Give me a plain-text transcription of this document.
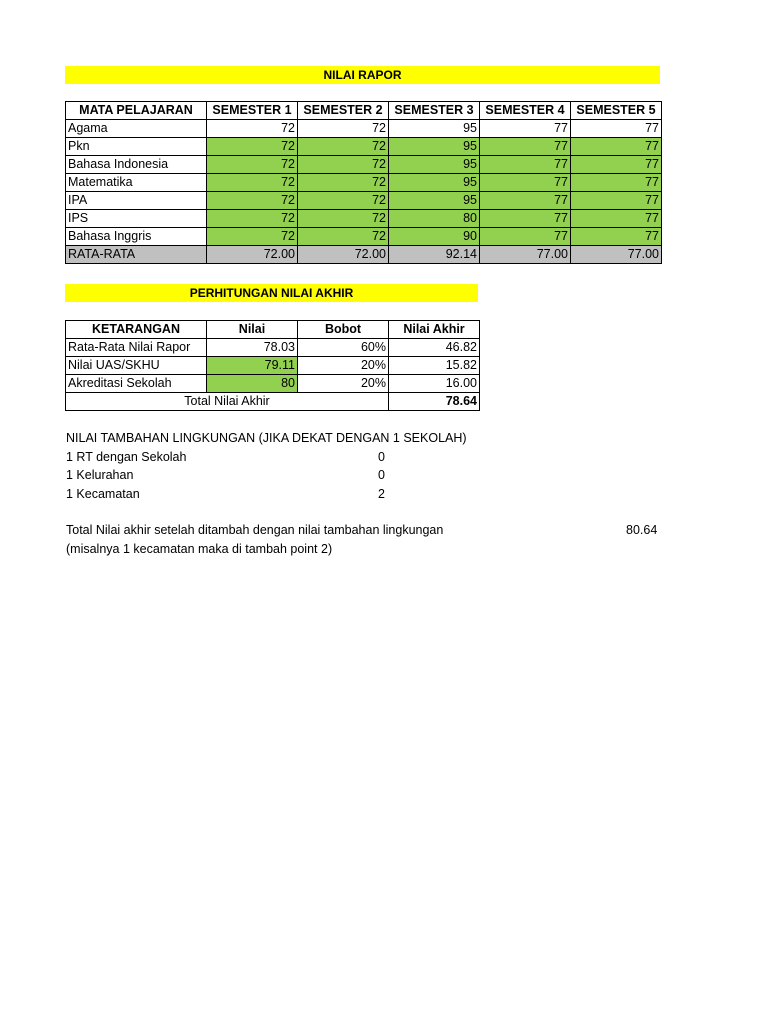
NILAI RAPOR
MATA PELAJARAN	SEMESTER 1	SEMESTER 2	SEMESTER 3	SEMESTER 4	SEMESTER 5
Agama	72	72	95	77	77
Pkn	72	72	95	77	77
Bahasa Indonesia	72	72	95	77	77
Matematika	72	72	95	77	77
IPA	72	72	95	77	77
IPS	72	72	80	77	77
Bahasa Inggris	72	72	90	77	77
RATA-RATA	72.00	72.00	92.14	77.00	77.00
PERHITUNGAN NILAI AKHIR
KETARANGAN	Nilai	Bobot	Nilai Akhir
Rata-Rata Nilai Rapor	78.03	60%	46.82
Nilai UAS/SKHU	79.11	20%	15.82
Akreditasi Sekolah	80	20%	16.00
Total Nilai Akhir			78.64
NILAI TAMBAHAN LINGKUNGAN (JIKA DEKAT DENGAN 1 SEKOLAH)
1 RT dengan Sekolah	0
1 Kelurahan	0
1 Kecamatan	2
Total Nilai akhir setelah ditambah dengan nilai tambahan lingkungan	80.64
(misalnya 1 kecamatan maka di tambah point 2)
